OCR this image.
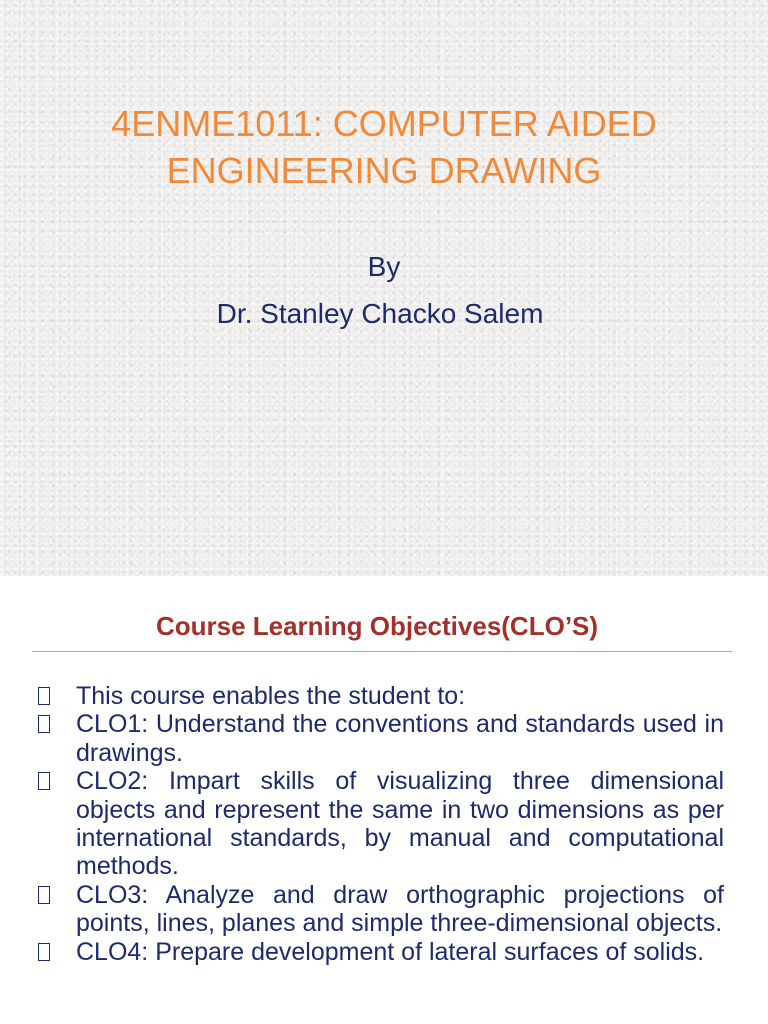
4ENME1011: COMPUTER AIDED ENGINEERING DRAWING
By
Dr. Stanley Chacko Salem
Course Learning Objectives(CLO’S)
This course enables the student to:
CLO1: Understand the conventions and standards used in drawings.
CLO2: Impart skills of visualizing three dimensional objects and represent the same in two dimensions as per international standards, by manual and computational methods.
CLO3: Analyze and draw orthographic projections of points, lines, planes and simple three-dimensional objects.
CLO4: Prepare development of lateral surfaces of solids.
